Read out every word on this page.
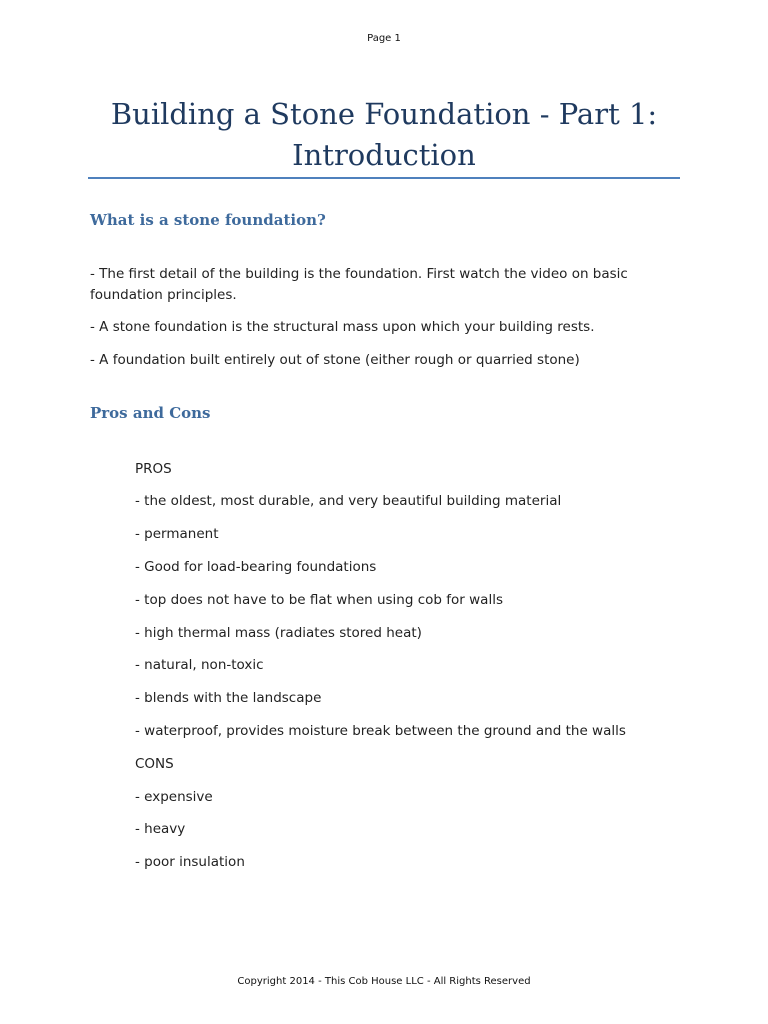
Page 1
Building a Stone Foundation - Part 1:
Introduction
What is a stone foundation?

- The first detail of the building is the foundation. First watch the video on basic foundation principles.

- A stone foundation is the structural mass upon which your building rests.

- A foundation built entirely out of stone (either rough or quarried stone)

Pros and Cons

PROS

- the oldest, most durable, and very beautiful building material

- permanent

- Good for load-bearing foundations

- top does not have to be flat when using cob for walls

- high thermal mass (radiates stored heat)

- natural, non-toxic

- blends with the landscape

- waterproof, provides moisture break between the ground and the walls

CONS

- expensive

- heavy

- poor insulation

Copyright 2014 - This Cob House LLC - All Rights Reserved
